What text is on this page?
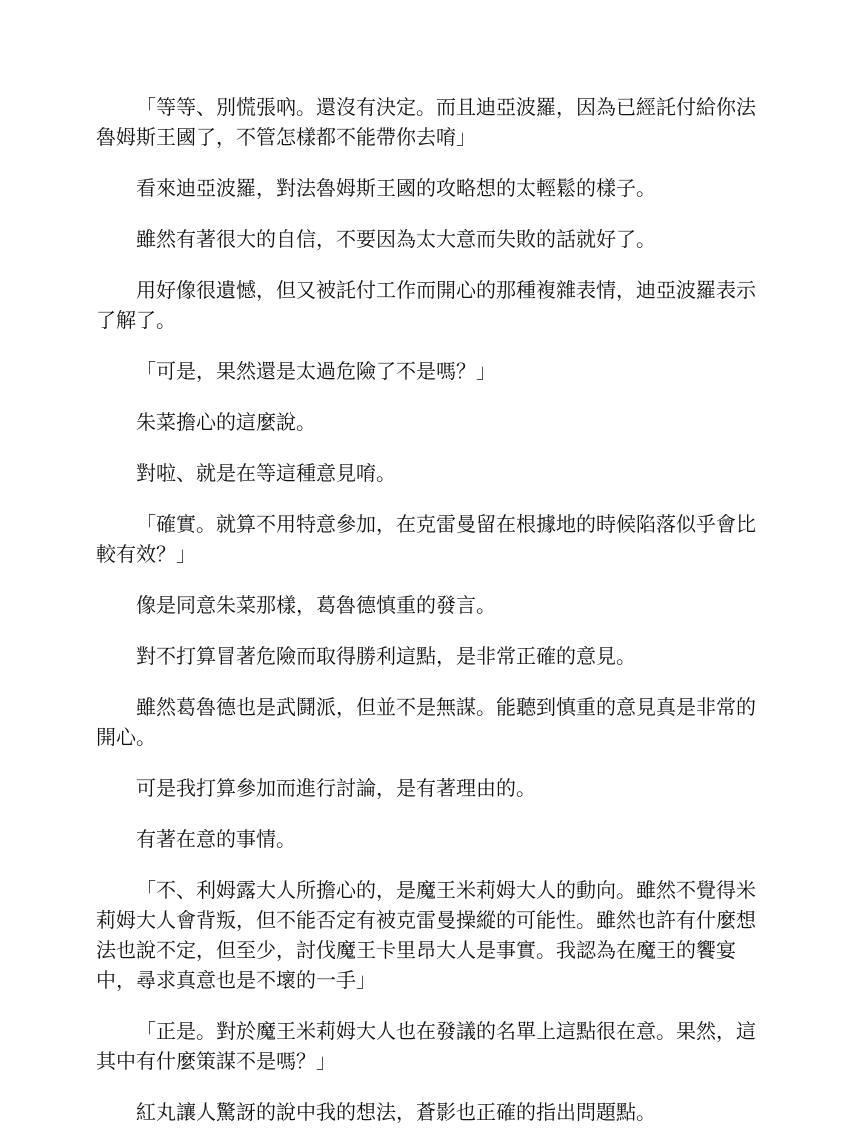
「等等、別慌張吶。還沒有決定。而且迪亞波羅，因為已經託付給你法魯姆斯王國了，不管怎樣都不能帶你去唷」

看來迪亞波羅，對法魯姆斯王國的攻略想的太輕鬆的樣子。

雖然有著很大的自信，不要因為太大意而失敗的話就好了。

用好像很遺憾，但又被託付工作而開心的那種複雜表情，迪亞波羅表示了解了。

「可是，果然還是太過危險了不是嗎？」

朱菜擔心的這麼說。

對啦、就是在等這種意見唷。

「確實。就算不用特意參加，在克雷曼留在根據地的時候陷落似乎會比較有效？」

像是同意朱菜那樣，葛魯德慎重的發言。

對不打算冒著危險而取得勝利這點，是非常正確的意見。

雖然葛魯德也是武鬪派，但並不是無謀。能聽到慎重的意見真是非常的開心。

可是我打算參加而進行討論，是有著理由的。

有著在意的事情。

「不、利姆露大人所擔心的，是魔王米莉姆大人的動向。雖然不覺得米莉姆大人會背叛，但不能否定有被克雷曼操縱的可能性。雖然也許有什麼想法也說不定，但至少，討伐魔王卡里昂大人是事實。我認為在魔王的饗宴中，尋求真意也是不壞的一手」

「正是。對於魔王米莉姆大人也在發議的名單上這點很在意。果然，這其中有什麼策謀不是嗎？」

紅丸讓人驚訝的說中我的想法，蒼影也正確的指出問題點。
